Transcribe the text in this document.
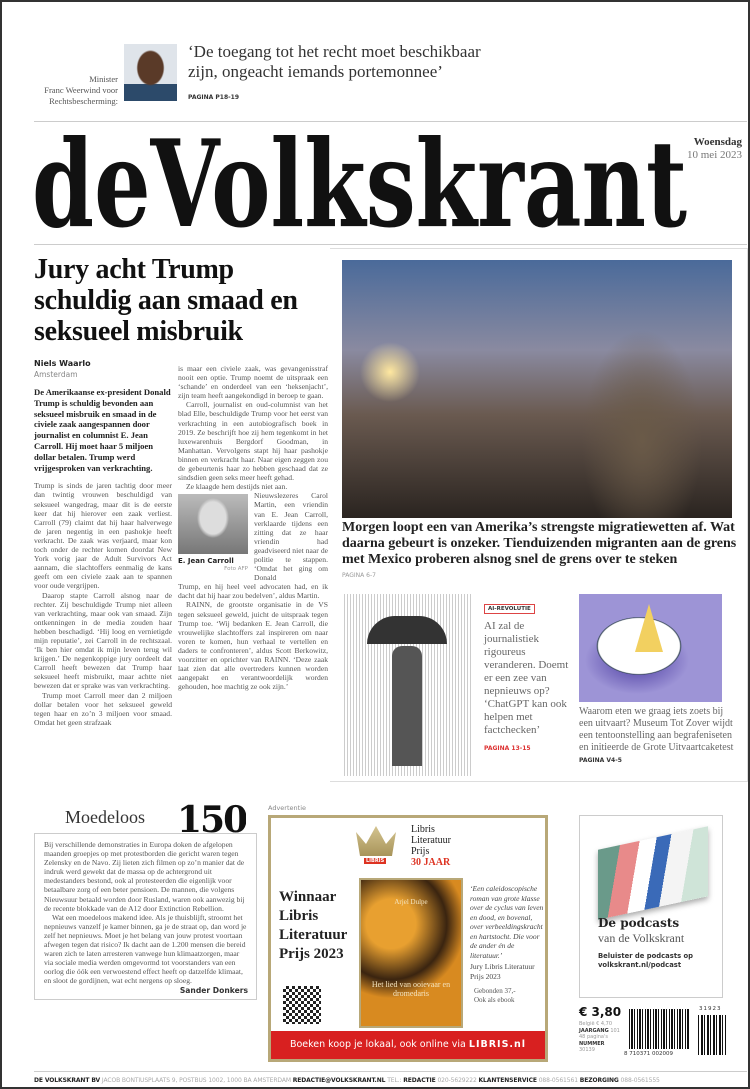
Minister
Franc Weerwind voor
Rechtsbescherming:
‘De toegang tot het recht moet beschikbaar zijn, ongeacht iemands portemonnee’
PAGINA P18-19
deVolkskrant Woensdag
10 mei 2023
Jury acht Trump schuldig aan smaad en seksueel misbruik
Niels Waarlo
Amsterdam
De Amerikaanse ex-president Donald Trump is schuldig bevonden aan seksueel misbruik en smaad in de civiele zaak aangespannen door journalist en columnist E. Jean Carroll. Hij moet haar 5 miljoen dollar betalen. Trump werd vrijgesproken van verkrachting.

Trump is sinds de jaren tachtig door meer dan twintig vrouwen beschuldigd van seksueel wangedrag, maar dit is de eerste keer dat hij hierover een zaak verliest. Carroll (79) claimt dat hij haar halverwege de jaren negentig in een pashokje heeft verkracht. De zaak was verjaard, maar kon toch onder de rechter komen doordat New York vorig jaar de Adult Survivors Act aannam, die slachtoffers eenmalig de kans geeft om een civiele zaak aan te spannen voor oude vergrijpen.

Daarop stapte Carroll alsnog naar de rechter. Zij beschuldigde Trump niet alleen van verkrachting, maar ook van smaad. Zijn ontkenningen in de media zouden haar hebben beschadigd. ‘Hij loog en vernietigde mijn reputatie’, zei Carroll in de rechtszaal. ‘Ik ben hier omdat ik mijn leven terug wil krijgen.’ De negenkoppige jury oordeelt dat Carroll heeft bewezen dat Trump haar seksueel heeft misbruikt, maar achtte niet bewezen dat er sprake was van verkrachting.

Trump moet Carroll meer dan 2 miljoen dollar betalen voor het seksueel geweld tegen haar en zo’n 3 miljoen voor smaad. Omdat het geen strafzaak

is maar een civiele zaak, was gevangenisstraf nooit een optie. Trump noemt de uitspraak een ‘schande’ en onderdeel van een ‘heksenjacht’, zijn team heeft aangekondigd in beroep te gaan.

Carroll, journalist en oud-columnist van het blad Elle, beschuldigde Trump voor het eerst van verkrachting in een autobiografisch boek in 2019. Ze beschrijft hoe zij hem tegenkomt in het luxewarenhuis Bergdorf Goodman, in Manhattan. Vervolgens stapt hij haar pashokje binnen en verkracht haar. Naar eigen zeggen zou de gebeurtenis haar zo hebben geschaad dat ze sindsdien geen seks meer heeft gehad.

Ze klaagde hem destijds niet aan.

E. Jean Carroll
Foto AFP

Nieuwslezeres Carol Martin, een vriendin van E. Jean Carroll, verklaarde tijdens een zitting dat ze haar vriendin had geadviseerd niet naar de politie te stappen. ‘Omdat het ging om Donald

Trump, en hij heel veel advocaten had, en ik dacht dat hij haar zou bedelven’, aldus Martin.

RAINN, de grootste organisatie in de VS tegen seksueel geweld, juicht de uitspraak tegen Trump toe. ‘Wij bedanken E. Jean Carroll, die vrouwelijke slachtoffers zal inspireren om naar voren te komen, hun verhaal te vertellen en daders te confronteren’, aldus Scott Berkowitz, voorzitter en oprichter van RAINN. ‘Deze zaak laat zien dat alle overtreders kunnen worden aangepakt en verantwoordelijk worden gehouden, hoe machtig ze ook zijn.’

Morgen loopt een van Amerika’s strengste migratiewetten af. Wat daarna gebeurt is onzeker. Tienduizenden migranten aan de grens met Mexico proberen alsnog snel de grens over te steken
PAGINA 6-7
AI-REVOLUTIE
AI zal de journalistiek rigoureus veranderen. Doemt er een zee van nepnieuws op? ‘ChatGPT kan ook helpen met factchecken’
PAGINA 13-15
Waarom eten we graag iets zoets bij een uitvaart? Museum Tot Zover wijdt een tentoonstelling aan begrafeniseten en initieerde de Grote Uitvaartcaketest
PAGINA V4-5
Moedeloos 150

Bij verschillende demonstraties in Europa doken de afgelopen maanden groepjes op met protestborden die gericht waren tegen Zelensky en de Navo. Zij lieten zich filmen op zo’n manier dat de indruk werd gewekt dat de massa op de achtergrond uit medestanders bestond, ook al protesteerden die eigenlijk voor betaalbare zorg of een beter pensioen. De mannen, die volgens Nieuwsuur betaald worden door Rusland, waren ook aanwezig bij de recente blokkade van de A12 door Extinction Rebellion.

Wat een moedeloos makend idee. Als je thuisblijft, stroomt het nepnieuws vanzelf je kamer binnen, ga je de straat op, dan word je zelf het nepnieuws. Moet je het belang van jouw protest voortaan afwegen tegen dat risico? Ik dacht aan de 1.200 mensen die bereid waren zich te laten arresteren vanwege hun klimaatzorgen, maar via sociale media werden omgevormd tot voorstanders van een oorlog die óók een verwoestend effect heeft op datzelfde klimaat, en sloot de gordijnen, wat echt nergens op sloeg.

Sander Donkers
Advertentie
LIBRIS
Libris
Literatuur
Prijs
30 JAAR
Winnaar Libris Literatuur Prijs 2023
Arjel Dulpe
Het lied van ooievaar en dromedaris
‘Een caleidoscopische roman van grote klasse over de cyclus van leven en dood, en bovenal, over verbeeldingskracht en hartstocht. Die voor de ander én de literatuur.’
Jury Libris Literatuur Prijs 2023
Gebonden 37,-
Ook als ebook
Boeken koop je lokaal, ook online via LIBRIS.nl
De podcasts
van de Volkskrant
Beluister de podcasts op volkskrant.nl/podcast
€ 3,80
België € 4,70
JAARGANG 101
48 pagina's
NUMMER
30139
8 710371 002009
31923
DE VOLKSKRANT BV JACOB BONTIUSPLAATS 9, POSTBUS 1002, 1000 BA AMSTERDAM REDACTIE@VOLKSKRANT.NL TEL.: REDACTIE 020-5629222 KLANTENSERVICE 088-0561561 BEZORGING 088-0561555
